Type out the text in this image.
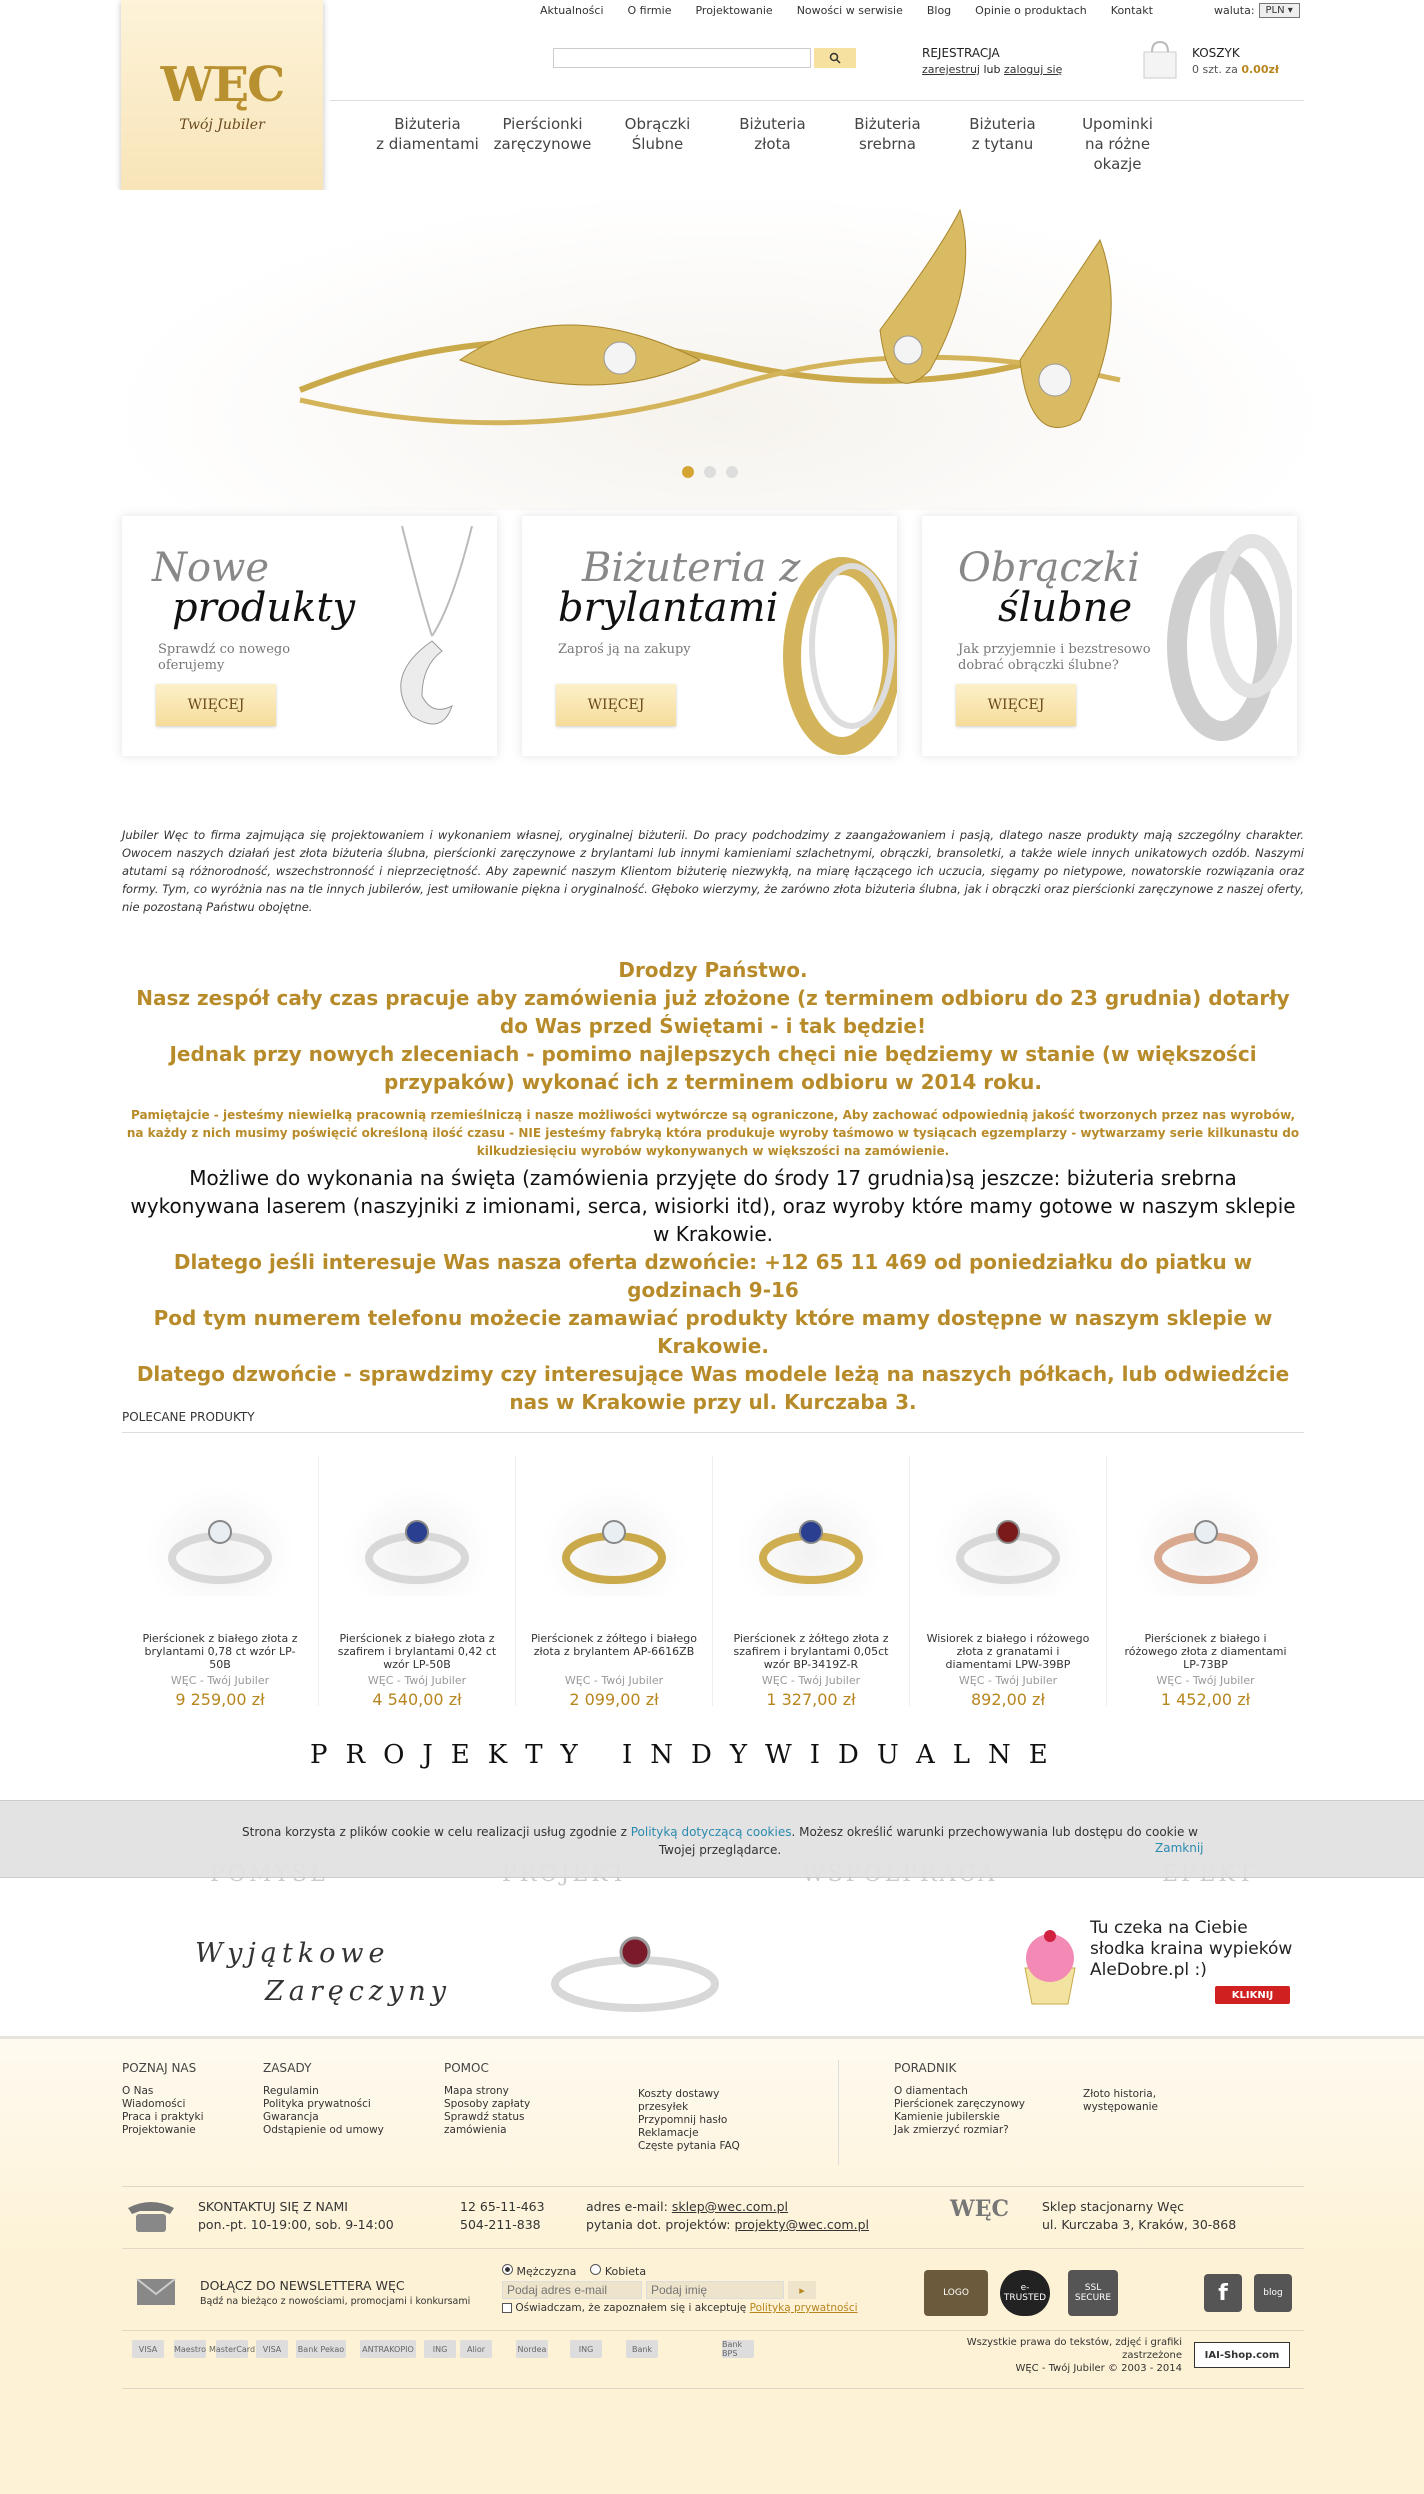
Aktualności	O firmie	Projektowanie	Nowości w serwisie	Blog	Opinie o produktach	Kontakt	waluta:	PLN ▾
WĘC
Twój Jubiler
REJESTRACJA
zarejestruj lub zaloguj się
KOSZYK
0 szt. za 0.00zł
Biżuteria
z diamentami
Pierścionki
zaręczynowe
Obrączki
Ślubne
Biżuteria
złota
Biżuteria
srebrna
Biżuteria
z tytanu
Upominki
na różne okazje
Nowe
produkty
Sprawdź co nowego oferujemy
WIĘCEJ
Biżuteria z
brylantami
Zaproś ją na zakupy
WIĘCEJ
Obrączki
ślubne
Jak przyjemnie i bezstresowo dobrać obrączki ślubne?
WIĘCEJ
Jubiler Węc to firma zajmująca się projektowaniem i wykonaniem własnej, oryginalnej biżuterii. Do pracy podchodzimy z zaangażowaniem i pasją, dlatego nasze produkty mają szczególny charakter. Owocem naszych działań jest złota biżuteria ślubna, pierścionki zaręczynowe z brylantami lub innymi kamieniami szlachetnymi, obrączki, bransoletki, a także wiele innych unikatowych ozdób. Naszymi atutami są różnorodność, wszechstronność i nieprzeciętność. Aby zapewnić naszym Klientom biżuterię niezwykłą, na miarę łączącego ich uczucia, sięgamy po nietypowe, nowatorskie rozwiązania oraz formy. Tym, co wyróżnia nas na tle innych jubilerów, jest umiłowanie piękna i oryginalność. Głęboko wierzymy, że zarówno złota biżuteria ślubna, jak i obrączki oraz pierścionki zaręczynowe z naszej oferty, nie pozostaną Państwu obojętne.
Drodzy Państwo.
Nasz zespół cały czas pracuje aby zamówienia już złożone (z terminem odbioru do 23 grudnia) dotarły do Was przed Świętami - i tak będzie!
Jednak przy nowych zleceniach - pomimo najlepszych chęci nie będziemy w stanie (w większości przypaków) wykonać ich z terminem odbioru w 2014 roku.
Pamiętajcie - jesteśmy niewielką pracownią rzemieślniczą i nasze możliwości wytwórcze są ograniczone, Aby zachować odpowiednią jakość tworzonych przez nas wyrobów, na każdy z nich musimy poświęcić określoną ilość czasu - NIE jesteśmy fabryką która produkuje wyroby taśmowo w tysiącach egzemplarzy - wytwarzamy serie kilkunastu do kilkudziesięciu wyrobów wykonywanych w większości na zamówienie.
Możliwe do wykonania na święta (zamówienia przyjęte do środy 17 grudnia)są jeszcze: biżuteria srebrna wykonywana laserem (naszyjniki z imionami, serca, wisiorki itd), oraz wyroby które mamy gotowe w naszym sklepie w Krakowie.
Dlatego jeśli interesuje Was nasza oferta dzwońcie: +12 65 11 469 od poniedziałku do piatku w godzinach 9-16
Pod tym numerem telefonu możecie zamawiać produkty które mamy dostępne w naszym sklepie w Krakowie.
Dlatego dzwońcie - sprawdzimy czy interesujące Was modele leżą na naszych półkach, lub odwiedźcie nas w Krakowie przy ul. Kurczaba 3.
POLECANE PRODUKTY
Pierścionek z białego złota z brylantami 0,78 ct wzór LP-50B
WĘC - Twój Jubiler
9 259,00 zł
Pierścionek z białego złota z szafirem i brylantami 0,42 ct wzór LP-50B
WĘC - Twój Jubiler
4 540,00 zł
Pierścionek z żółtego i białego złota z brylantem AP-6616ZB
WĘC - Twój Jubiler
2 099,00 zł
Pierścionek z żółtego złota z szafirem i brylantami 0,05ct wzór BP-3419Z-R
WĘC - Twój Jubiler
1 327,00 zł
Wisiorek z białego i różowego złota z granatami i diamentami LPW-39BP
WĘC - Twój Jubiler
892,00 zł
Pierścionek z białego i różowego złota z diamentami LP-73BP
WĘC - Twój Jubiler
1 452,00 zł
PROJEKTY INDYWIDUALNE
Strona korzysta z plików cookie w celu realizacji usług zgodnie z Polityką dotyczącą cookies. Możesz określić warunki przechowywania lub dostępu do cookie w Twojej przeglądarce.	Zamknij
Wyjątkowe
Zaręczyny
Tu czeka na Ciebie
słodka kraina wypieków
AleDobre.pl :)
KLIKNIJ
POZNAJ NAS
O Nas
Wiadomości
Praca i praktyki
Projektowanie
ZASADY
Regulamin
Polityka prywatności
Gwarancja
Odstąpienie od umowy
POMOC
Mapa strony
Sposoby zapłaty
Sprawdź status zamówienia
Koszty dostawy przesyłek
Przypomnij hasło
Reklamacje
Częste pytania FAQ
PORADNIK
O diamentach
Pierścionek zaręczynowy
Kamienie jubilerskie
Jak zmierzyć rozmiar?
Złoto historia, występowanie
SKONTAKTUJ SIĘ Z NAMI
pon.-pt. 10-19:00, sob. 9-14:00
12 65-11-463
504-211-838
adres e-mail: sklep@wec.com.pl
pytania dot. projektów: projekty@wec.com.pl
WĘC	Sklep stacjonarny Węc
ul. Kurczaba 3, Kraków, 30-868
DOŁĄCZ DO NEWSLETTERA WĘC
Bądź na bieżąco z nowościami, promocjami i konkursami
Mężczyzna	Kobieta
Podaj adres e-mail
Podaj imię
▸
Oświadczam, że zapoznałem się i akceptuję Polityką prywatności
LOGO	e-TRUSTED
SSL SECURE	f	blog
VISA	Maestro MasterCard VISA	Bank Pekao ANTRAKOPIO	ING	Alior	Nordea	ING	Bank	Bank BPS
Wszystkie prawa do tekstów, zdjęć i grafiki zastrzeżone
WĘC - Twój Jubiler © 2003 - 2014
IAI-Shop.com
